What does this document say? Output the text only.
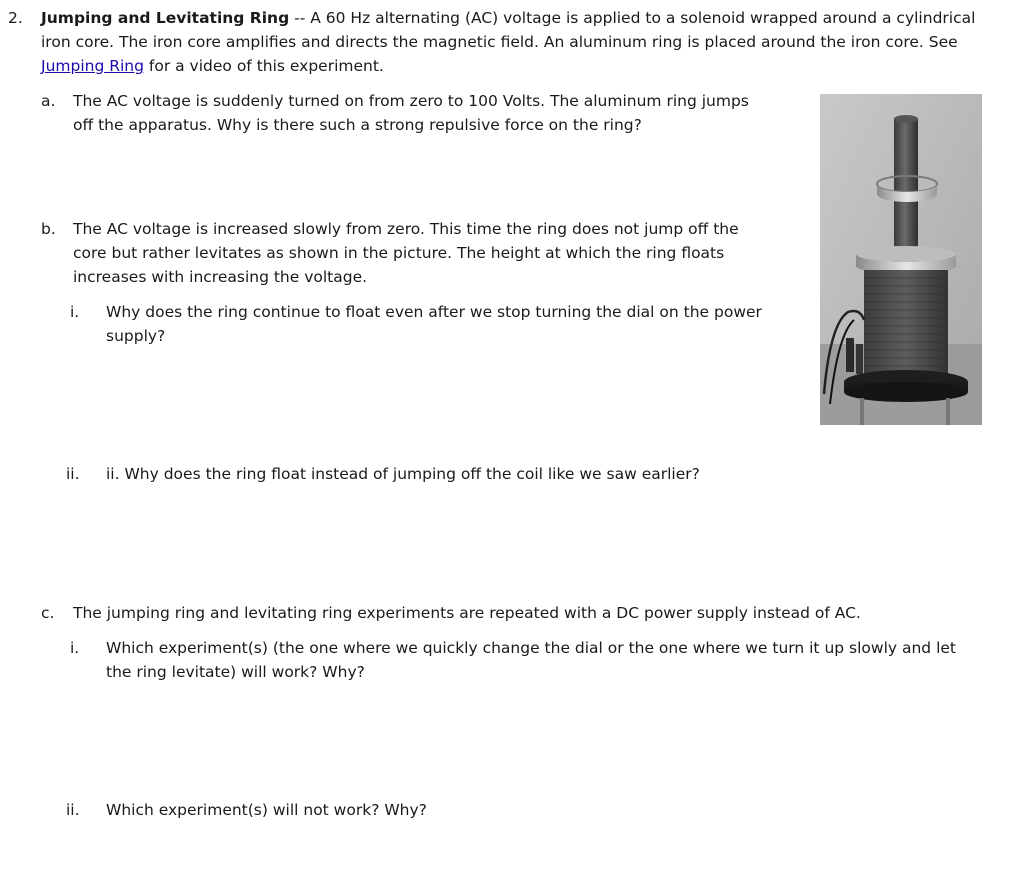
2. Jumping and Levitating Ring -- A 60 Hz alternating (AC) voltage is applied to a solenoid wrapped around a cylindrical iron core. The iron core amplifies and directs the magnetic field. An aluminum ring is placed around the iron core. See Jumping Ring for a video of this experiment.
a. The AC voltage is suddenly turned on from zero to 100 Volts. The aluminum ring jumps off the apparatus. Why is there such a strong repulsive force on the ring?
b. The AC voltage is increased slowly from zero. This time the ring does not jump off the core but rather levitates as shown in the picture. The height at which the ring floats increases with increasing the voltage.
i. Why does the ring continue to float even after we stop turning the dial on the power supply?
ii. ii. Why does the ring float instead of jumping off the coil like we saw earlier?
c. The jumping ring and levitating ring experiments are repeated with a DC power supply instead of AC.
i. Which experiment(s) (the one where we quickly change the dial or the one where we turn it up slowly and let the ring levitate) will work? Why?
ii. Which experiment(s) will not work? Why?
